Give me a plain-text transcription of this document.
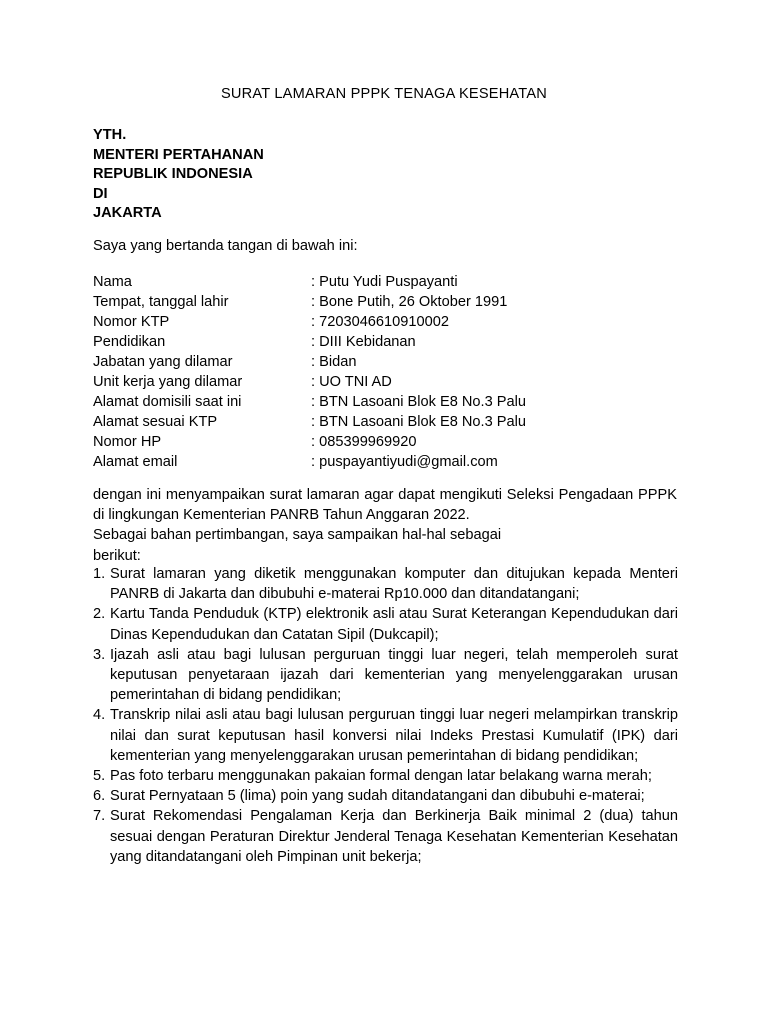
SURAT LAMARAN PPPK TENAGA KESEHATAN
YTH.
MENTERI PERTAHANAN
REPUBLIK INDONESIA
DI
JAKARTA
Saya yang bertanda tangan di bawah ini:
Nama	: Putu Yudi Puspayanti
Tempat, tanggal lahir	: Bone Putih, 26 Oktober 1991
Nomor KTP	: 7203046610910002
Pendidikan	: DIII Kebidanan
Jabatan yang dilamar	: Bidan
Unit kerja yang dilamar	: UO TNI AD
Alamat domisili saat ini	: BTN Lasoani Blok E8 No.3 Palu
Alamat sesuai KTP	: BTN Lasoani Blok E8 No.3 Palu
Nomor HP	: 085399969920
Alamat email	: puspayantiyudi@gmail.com

dengan ini menyampaikan surat lamaran agar dapat mengikuti Seleksi Pengadaan PPPK di lingkungan Kementerian PANRB Tahun Anggaran 2022.

Sebagai bahan pertimbangan, saya sampaikan hal-hal sebagai

berikut:

1. Surat lamaran yang diketik menggunakan komputer dan ditujukan kepada Menteri PANRB di Jakarta dan dibubuhi e-materai Rp10.000 dan ditandatangani;
2. Kartu Tanda Penduduk (KTP) elektronik asli atau Surat Keterangan Kependudukan dari Dinas Kependudukan dan Catatan Sipil (Dukcapil);
3. Ijazah asli atau bagi lulusan perguruan tinggi luar negeri, telah memperoleh surat keputusan penyetaraan ijazah dari kementerian yang menyelenggarakan urusan pemerintahan di bidang pendidikan;
4. Transkrip nilai asli atau bagi lulusan perguruan tinggi luar negeri melampirkan transkrip nilai dan surat keputusan hasil konversi nilai Indeks Prestasi Kumulatif (IPK) dari kementerian yang menyelenggarakan urusan pemerintahan di bidang pendidikan;
5. Pas foto terbaru menggunakan pakaian formal dengan latar belakang warna merah;
6. Surat Pernyataan 5 (lima) poin yang sudah ditandatangani dan dibubuhi e-materai;
7. Surat Rekomendasi Pengalaman Kerja dan Berkinerja Baik minimal 2 (dua) tahun sesuai dengan Peraturan Direktur Jenderal Tenaga Kesehatan Kementerian Kesehatan yang ditandatangani oleh Pimpinan unit bekerja;
